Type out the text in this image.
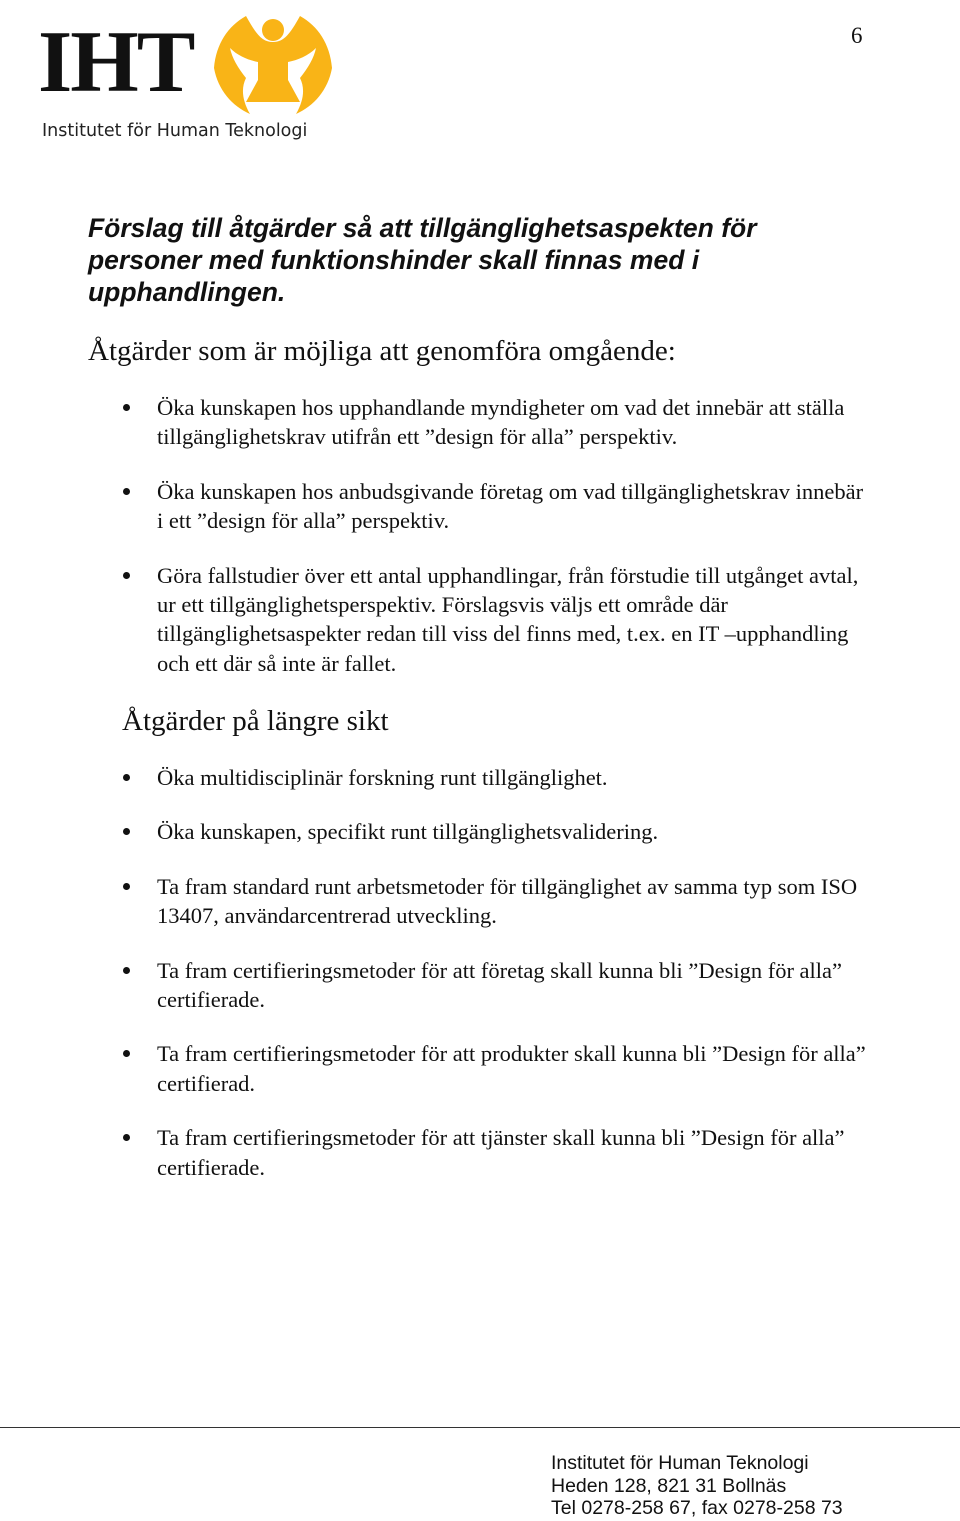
6
IHT
Institutet för Human Teknologi
Förslag till åtgärder så att tillgänglighetsaspekten för personer med funktionshinder skall finnas med i upphandlingen.
Åtgärder som är möjliga att genomföra omgående:
Öka kunskapen hos upphandlande myndigheter om vad det innebär att ställa tillgänglighetskrav utifrån ett ”design för alla” perspektiv.
Öka kunskapen hos anbudsgivande företag om vad tillgänglighetskrav innebär i ett ”design för alla” perspektiv.
Göra fallstudier över ett antal upphandlingar, från förstudie till utgånget avtal, ur ett tillgänglighetsperspektiv. Förslagsvis väljs ett område där tillgänglighetsaspekter redan till viss del finns med, t.ex. en IT –upphandling och ett där så inte är fallet.
Åtgärder på längre sikt
Öka multidisciplinär forskning runt tillgänglighet.
Öka kunskapen, specifikt runt tillgänglighetsvalidering.
Ta fram standard runt arbetsmetoder för tillgänglighet av samma typ som ISO 13407, användarcentrerad utveckling.
Ta fram certifieringsmetoder för att företag skall kunna bli ”Design för alla” certifierade.
Ta fram certifieringsmetoder för att produkter skall kunna bli ”Design för alla” certifierad.
Ta fram certifieringsmetoder för att tjänster skall kunna bli ”Design för alla” certifierade.
Institutet för Human Teknologi
Heden 128, 821 31 Bollnäs
Tel 0278-258 67, fax 0278-258 73
